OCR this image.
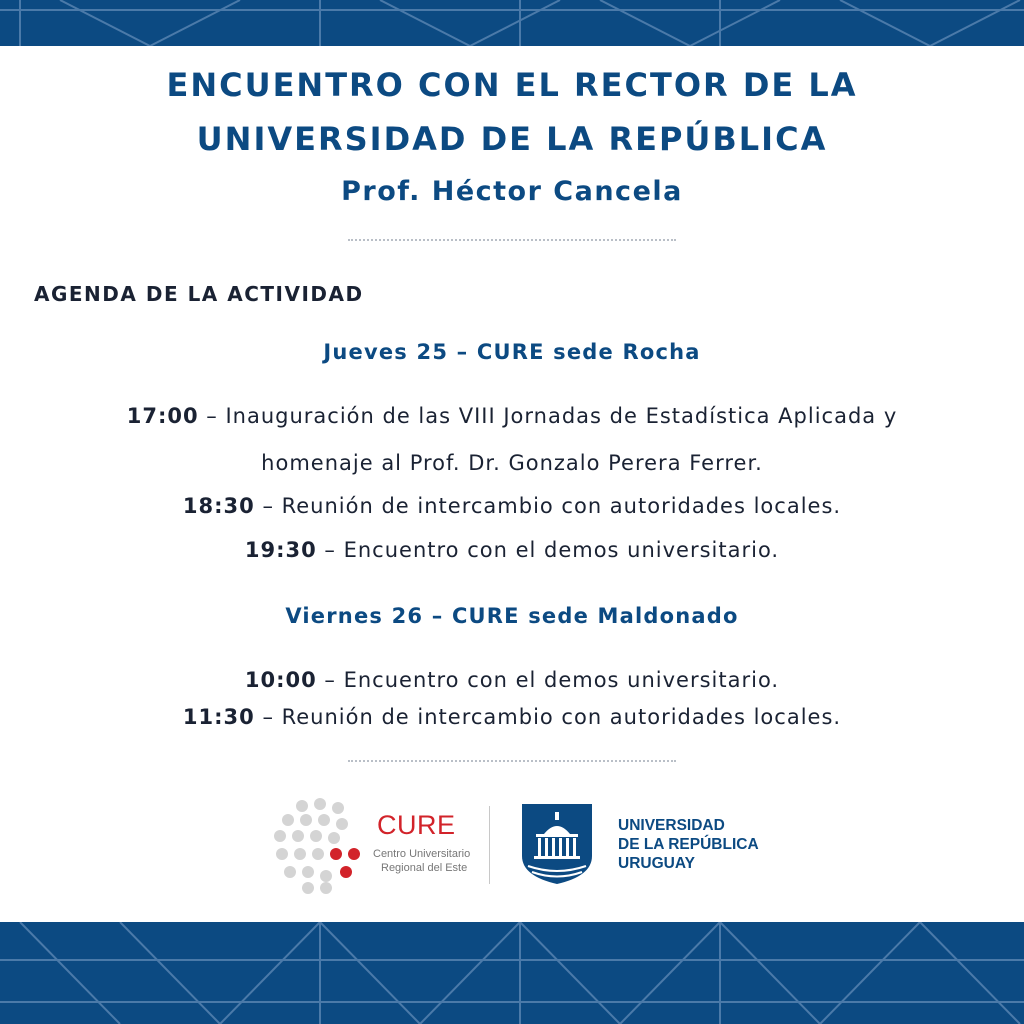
ENCUENTRO CON EL RECTOR DE LA
UNIVERSIDAD DE LA REPÚBLICA
Prof. Héctor Cancela
AGENDA DE LA ACTIVIDAD
Jueves 25 – CURE sede Rocha
17:00 – Inauguración de las VIII Jornadas de Estadística Aplicada y
homenaje al Prof. Dr. Gonzalo Perera Ferrer.
18:30 – Reunión de intercambio con autoridades locales.
19:30 – Encuentro con el demos universitario.
Viernes 26 – CURE sede Maldonado
10:00 – Encuentro con el demos universitario.
11:30 – Reunión de intercambio con autoridades locales.
CURE
Centro Universitario
Regional del Este
UNIVERSIDAD
DE LA REPÚBLICA
URUGUAY
